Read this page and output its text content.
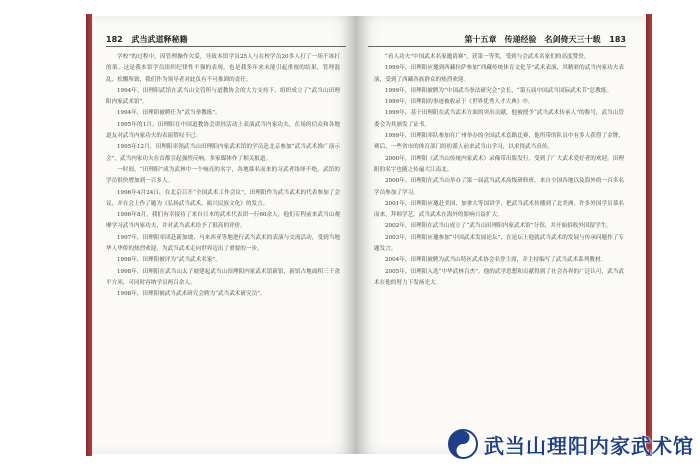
182 武当武道释秘籍

学校”的过程中，因管理操作欠妥，导致本馆学员25人与在校学员20多人打了一场不该打的架。这是我本馆学员组织纪律性不强的表现，也是我多年来未能引起重视的结果，管理混乱、松懈所致，我们作为领导者对此负有不可推卸的责任。

1994年，田理阳武馆在武当山文管所与道教协会的大力支持下，组织成立了“武当山田理阳内家武术馆”。

1994年，田理阳被聘任为“武当拳教练”。

1995年的1月，田理阳在中国道教协会讲经活动上表演武当内家功夫，在场的信众和各地道友对武当内家功夫的表演赞叹不已。

1995年12月，田理阳率领武当山田理阳内家武术馆的学员赴北京参加“武当武术推广演示会”，武当内家功夫在首都引起强烈反响，多家媒体作了相关报道。

一时间，“田理阳”成为武林中一个响亮的名字，各地慕名而来的习武者络绎不绝，武馆的学员很快增加到一百多人。

1996年4月24日，在北京召开“全国武术工作会议”，田理阳作为武当武术的代表参加了会议，并在会上作了题为《弘扬武当武术，振兴民族文化》的发言。

1996年8月，我们有幸接待了来自日本的武术代表团一行60余人，他们专程前来武当山观摩学习武当内家功夫，并对武当武术给予了很高的评价。

1997年，田理阳率团赴新加坡、马来西亚等地进行武当武术的表演与交流活动，受到当地华人华侨的热烈欢迎，为武当武术走向世界迈出了重要的一步。

1998年，田理阳被评为“武当武术名家”。

1998年，田理阳在武当山太子坡建起武当山田理阳内家武术馆新馆，新馆占地面积三千余平方米，可同时容纳学员两百余人。

1998年，田理阳被武当武术研究会聘为“武当武术研究员”。

第十五章　传递经验　名剑倚天三十载 183

“看人功夫”中国武术名家邀请赛”，获第一等奖，受到与会武术名家们的高度赞誉。

1999年，田理阳应邀到西藏拉萨参加“西藏传统体育文化节”武术表演，其精彩的武当内家功夫表演，受到了西藏各族群众的热烈欢迎。

1999年，田理阳被聘为“中国武当拳法研究会”会长，“第五届中国武当国际武术节”总教练。

1999年，田理阳的事迹被收录于《世界优秀人才大典》中。

1999年，基于田理阳在武当武术方面的突出贡献，他被授予“武当武术传承人”的称号，武当山管委会为其颁发了证书。

1999年，田理阳率队参加在广州举办的全国武术套路比赛，他所带的队员中有多人获得了金牌，赛后，一些省市的体育部门纷纷派人前来武当山学习，以求得武当真传。

2000年，田理阳《武当山传统内家武术》录像带出版发行，受到了广大武术爱好者的欢迎，田理阳的名字也随之传遍大江南北。

2000年，田理阳在武当山举办了第一届武当武术高级研修班，来自全国各地以及海外的一百多名学员参加了学习。

2001年，田理阳应邀赴美国、加拿大等国讲学，把武当武术传播到了北美洲，许多外国学员慕名而来，拜师学艺，武当武术在海外的影响日益扩大。

2002年，田理阳在武当山成立了“武当山田理阳内家武术馆”分馆，并开始招收外国留学生。

2003年，田理阳应邀参加“中国武术发展论坛”，在论坛上他就武当武术的发展与传承问题作了专题发言。

2004年，田理阳被聘为武当山特区武术协会名誉主席，并主持编写了武当武术系列教材。

2005年，田理阳入选“中华武林百杰”，他的武学思想和贡献得到了社会各界的广泛认可，武当武术在他的努力下发扬光大。

武当山理阳内家武术馆
